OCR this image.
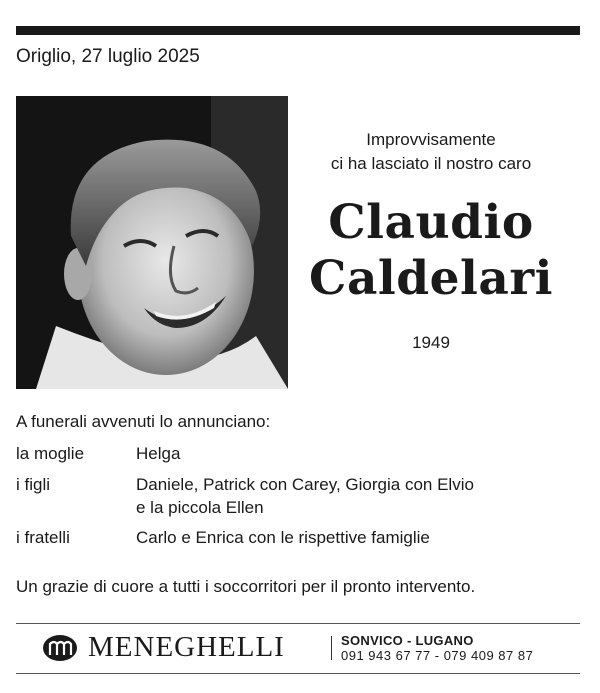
Origlio, 27 luglio 2025
Improvvisamente
ci ha lasciato il nostro caro
Claudio
Caldelari
1949
A funerali avvenuti lo annunciano:
la moglie	Helga
i figli	Daniele, Patrick con Carey, Giorgia con Elvio
e la piccola Ellen
i fratelli	Carlo e Enrica con le rispettive famiglie
Un grazie di cuore a tutti i soccorritori per il pronto intervento.
MENEGHELLI	SONVICO - LUGANO
091 943 67 77 - 079 409 87 87
